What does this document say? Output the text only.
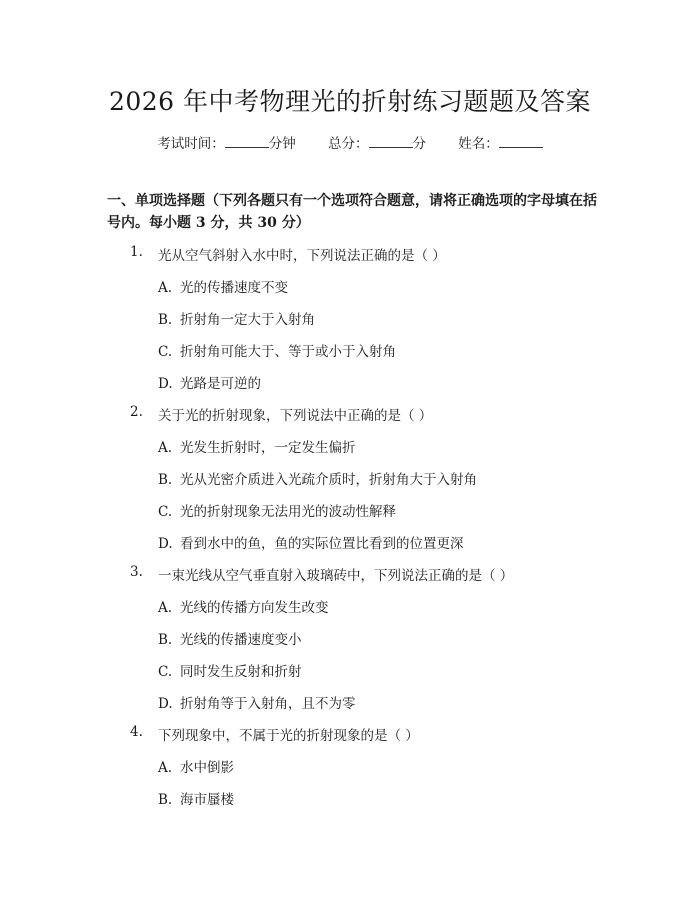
2026 年中考物理光的折射练习题题及答案
考试时间：	分钟 总分：	分 姓名：
一、单项选择题（下列各题只有一个选项符合题意，请将正确选项的字母填在括号内。每小题 3 分，共 30 分）
1.	光从空气斜射入水中时，下列说法正确的是（ ）
A. 光的传播速度不变
B. 折射角一定大于入射角
C. 折射角可能大于、等于或小于入射角
D. 光路是可逆的
2.	关于光的折射现象，下列说法中正确的是（ ）
A. 光发生折射时，一定发生偏折
B. 光从光密介质进入光疏介质时，折射角大于入射角
C. 光的折射现象无法用光的波动性解释
D. 看到水中的鱼，鱼的实际位置比看到的位置更深
3.	一束光线从空气垂直射入玻璃砖中，下列说法正确的是（ ）
A. 光线的传播方向发生改变
B. 光线的传播速度变小
C. 同时发生反射和折射
D. 折射角等于入射角，且不为零
4.	下列现象中，不属于光的折射现象的是（ ）
A. 水中倒影
B. 海市蜃楼
